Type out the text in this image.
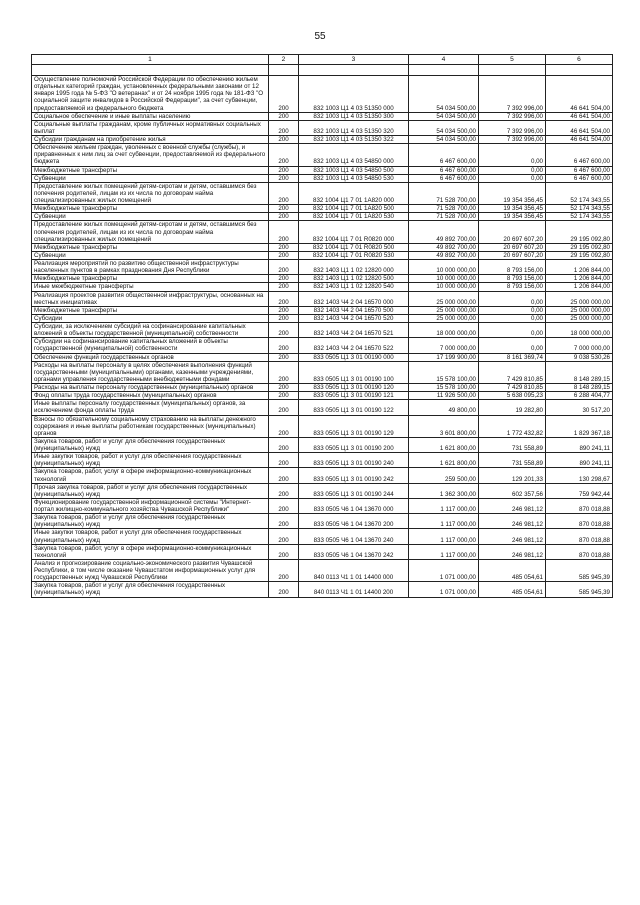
55
1	2	3	4	5	6

Осуществление полномочий Российской Федерации по обеспечению жильем отдельных категорий граждан, установленных федеральными законами от 12 января 1995 года № 5-ФЗ "О ветеранах" и от 24 ноября 1995 года № 181-ФЗ "О социальной защите инвалидов в Российской Федерации", за счет субвенции, предоставляемой из федерального бюджета	200	832 1003 Ц1 4 03 51350 000	54 034 500,00	7 392 996,00	46 641 504,00
Социальное обеспечение и иные выплаты населению	200	832 1003 Ц1 4 03 51350 300	54 034 500,00	7 392 996,00	46 641 504,00
Социальные выплаты гражданам, кроме публичных нормативных социальных выплат	200	832 1003 Ц1 4 03 51350 320	54 034 500,00	7 392 996,00	46 641 504,00
Субсидии гражданам на приобретение жилья	200	832 1003 Ц1 4 03 51350 322	54 034 500,00	7 392 996,00	46 641 504,00
Обеспечение жильем граждан, уволенных с военной службы (службы), и приравненных к ним лиц за счет субвенции, предоставляемой из федерального бюджета	200	832 1003 Ц1 4 03 54850 000	6 467 600,00	0,00	6 467 600,00
Межбюджетные трансферты	200	832 1003 Ц1 4 03 54850 500	6 467 600,00	0,00	6 467 600,00
Субвенции	200	832 1003 Ц1 4 03 54850 530	6 467 600,00	0,00	6 467 600,00
Предоставление жилых помещений детям-сиротам и детям, оставшимся без попечения родителей, лицам из их числа по договорам найма специализированных жилых помещений	200	832 1004 Ц1 7 01 1А820 000	71 528 700,00	19 354 356,45	52 174 343,55
Межбюджетные трансферты	200	832 1004 Ц1 7 01 1А820 500	71 528 700,00	19 354 356,45	52 174 343,55
Субвенции	200	832 1004 Ц1 7 01 1А820 530	71 528 700,00	19 354 356,45	52 174 343,55
Предоставление жилых помещений детям-сиротам и детям, оставшимся без попечения родителей, лицам из их числа по договорам найма специализированных жилых помещений	200	832 1004 Ц1 7 01 R0820 000	49 892 700,00	20 697 607,20	29 195 092,80
Межбюджетные трансферты	200	832 1004 Ц1 7 01 R0820 500	49 892 700,00	20 697 607,20	29 195 092,80
Субвенции	200	832 1004 Ц1 7 01 R0820 530	49 892 700,00	20 697 607,20	29 195 092,80
Реализация мероприятий по развитию общественной инфраструктуры населенных пунктов в рамках празднования Дня Республики	200	832 1403 Ц1 1 02 12820 000	10 000 000,00	8 793 156,00	1 206 844,00
Межбюджетные трансферты	200	832 1403 Ц1 1 02 12820 500	10 000 000,00	8 793 156,00	1 206 844,00
Иные межбюджетные трансферты	200	832 1403 Ц1 1 02 12820 540	10 000 000,00	8 793 156,00	1 206 844,00
Реализация проектов развития общественной инфраструктуры, основанных на местных инициативах	200	832 1403 Ч4 2 04 16570 000	25 000 000,00	0,00	25 000 000,00
Межбюджетные трансферты	200	832 1403 Ч4 2 04 16570 500	25 000 000,00	0,00	25 000 000,00
Субсидии	200	832 1403 Ч4 2 04 16570 520	25 000 000,00	0,00	25 000 000,00
Субсидии, за исключением субсидий на софинансирование капитальных вложений в объекты государственной (муниципальной) собственности	200	832 1403 Ч4 2 04 16570 521	18 000 000,00	0,00	18 000 000,00
Субсидии на софинансирование капитальных вложений в объекты государственной (муниципальной) собственности	200	832 1403 Ч4 2 04 16570 522	7 000 000,00	0,00	7 000 000,00
Обеспечение функций государственных органов	200	833 0505 Ц1 3 01 00190 000	17 199 900,00	8 161 369,74	9 038 530,26
Расходы на выплаты персоналу в целях обеспечения выполнения функций государственными (муниципальными) органами, казенными учреждениями, органами управления государственными внебюджетными фондами	200	833 0505 Ц1 3 01 00190 100	15 578 100,00	7 429 810,85	8 148 289,15
Расходы на выплаты персоналу государственных (муниципальных) органов	200	833 0505 Ц1 3 01 00190 120	15 578 100,00	7 429 810,85	8 148 289,15
Фонд оплаты труда государственных (муниципальных) органов	200	833 0505 Ц1 3 01 00190 121	11 926 500,00	5 638 095,23	6 288 404,77
Иные выплаты персоналу государственных (муниципальных) органов, за исключением фонда оплаты труда	200	833 0505 Ц1 3 01 00190 122	49 800,00	19 282,80	30 517,20
Взносы по обязательному социальному страхованию на выплаты денежного содержания и иные выплаты работникам государственных (муниципальных) органов	200	833 0505 Ц1 3 01 00190 129	3 601 800,00	1 772 432,82	1 829 367,18
Закупка товаров, работ и услуг для обеспечения государственных (муниципальных) нужд	200	833 0505 Ц1 3 01 00190 200	1 621 800,00	731 558,89	890 241,11
Иные закупки товаров, работ и услуг для обеспечения государственных (муниципальных) нужд	200	833 0505 Ц1 3 01 00190 240	1 621 800,00	731 558,89	890 241,11
Закупка товаров, работ, услуг в сфере информационно-коммуникационных технологий	200	833 0505 Ц1 3 01 00190 242	259 500,00	129 201,33	130 298,67
Прочая закупка товаров, работ и услуг для обеспечения государственных (муниципальных) нужд	200	833 0505 Ц1 3 01 00190 244	1 362 300,00	602 357,56	759 942,44
Функционирование государственной информационной системы "Интернет-портал жилищно-коммунального хозяйства Чувашской Республики"	200	833 0505 Ч6 1 04 13670 000	1 117 000,00	246 981,12	870 018,88
Закупка товаров, работ и услуг для обеспечения государственных (муниципальных) нужд	200	833 0505 Ч6 1 04 13670 200	1 117 000,00	246 981,12	870 018,88
Иные закупки товаров, работ и услуг для обеспечения государственных (муниципальных) нужд	200	833 0505 Ч6 1 04 13670 240	1 117 000,00	246 981,12	870 018,88
Закупка товаров, работ, услуг в сфере информационно-коммуникационных технологий	200	833 0505 Ч6 1 04 13670 242	1 117 000,00	246 981,12	870 018,88
Анализ и прогнозирование социально-экономического развития Чувашской Республики, в том числе оказание Чувашстатом информационных услуг для государственных нужд Чувашской Республики	200	840 0113 Ч1 1 01 14400 000	1 071 000,00	485 054,61	585 945,39
Закупка товаров, работ и услуг для обеспечения государственных (муниципальных) нужд	200	840 0113 Ч1 1 01 14400 200	1 071 000,00	485 054,61	585 945,39
